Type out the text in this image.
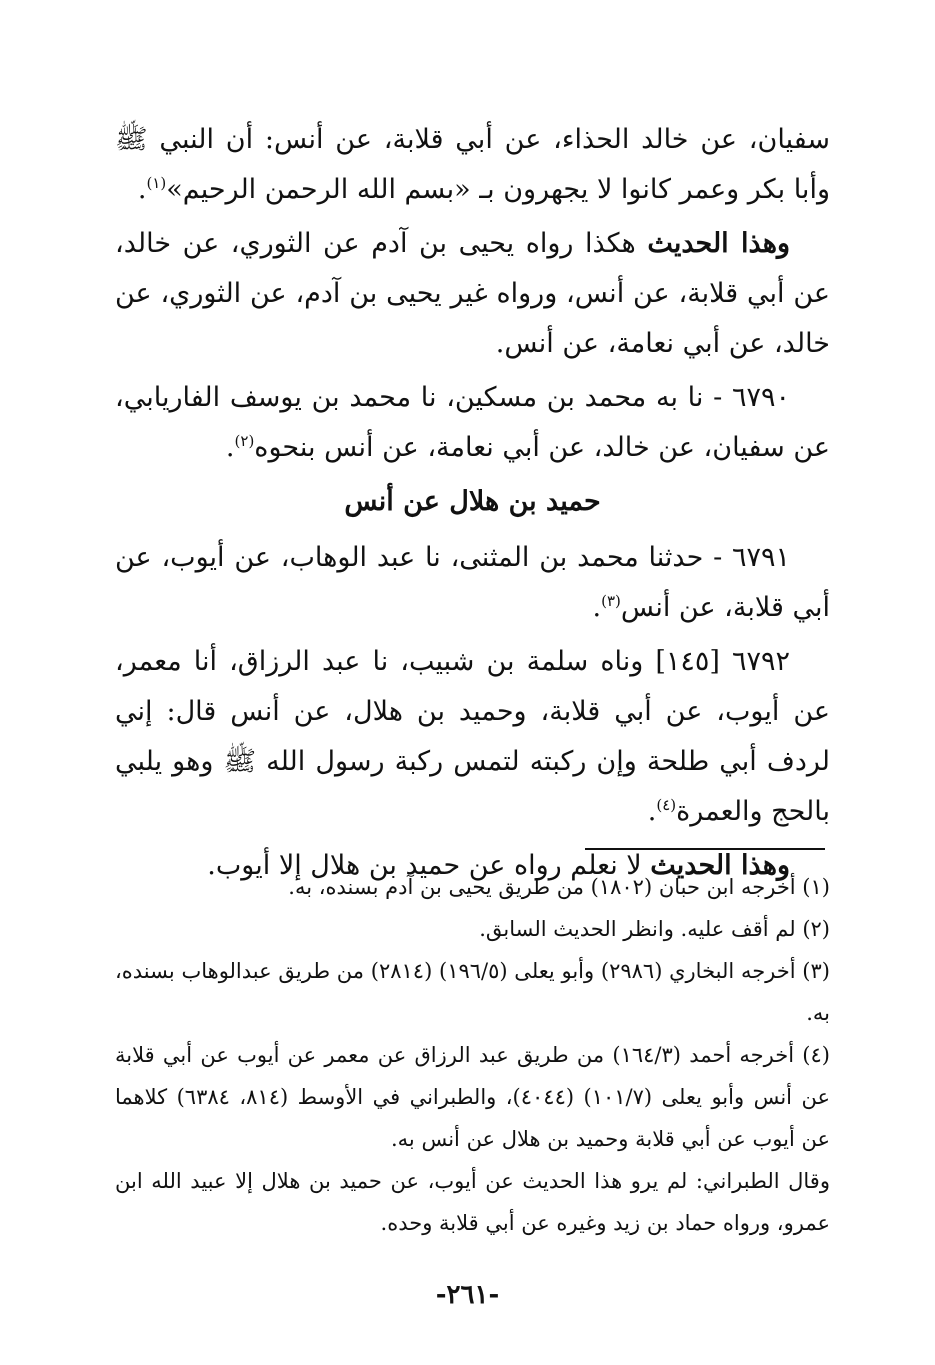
سفيان، عن خالد الحذاء، عن أبي قلابة، عن أنس: أن النبي ﷺ وأبا بكر وعمر كانوا لا يجهرون بـ «بسم الله الرحمن الرحيم»$^{(١)}$.

وهذا الحديث هكذا رواه يحيى بن آدم عن الثوري، عن خالد، عن أبي قلابة، عن أنس، ورواه غير يحيى بن آدم، عن الثوري، عن خالد، عن أبي نعامة، عن أنس.

٦٧٩٠ - نا به محمد بن مسكين، نا محمد بن يوسف الفاريابي، عن سفيان، عن خالد، عن أبي نعامة، عن أنس بنحوه$^{(٢)}$.

حميد بن هلال عن أنس

٦٧٩١ - حدثنا محمد بن المثنى، نا عبد الوهاب، عن أيوب، عن أبي قلابة، عن أنس$^{(٣)}$.

٦٧٩٢ [١٤٥] وناه سلمة بن شبيب، نا عبد الرزاق، أنا معمر، عن أيوب، عن أبي قلابة، وحميد بن هلال، عن أنس قال: إني لردف أبي طلحة وإن ركبته لتمس ركبة رسول الله ﷺ وهو يلبي بالحج والعمرة$^{(٤)}$.

وهذا الحديث لا نعلم رواه عن حميد بن هلال إلا أيوب.

(١) أخرجه ابن حبان (١٨٠٢) من طريق يحيى بن آدم بسنده، به.

(٢) لم أقف عليه. وانظر الحديث السابق.

(٣) أخرجه البخاري (٢٩٨٦) وأبو يعلى (١٩٦/٥) (٢٨١٤) من طريق عبدالوهاب بسنده، به.

(٤) أخرجه أحمد (١٦٤/٣) من طريق عبد الرزاق عن معمر عن أيوب عن أبي قلابة عن أنس وأبو يعلى (١٠١/٧) (٤٠٤٤)، والطبراني في الأوسط (٨١٤، ٦٣٨٤) كلاهما عن أيوب عن أبي قلابة وحميد بن هلال عن أنس به.

وقال الطبراني: لم يرو هذا الحديث عن أيوب، عن حميد بن هلال إلا عبيد الله ابن عمرو، ورواه حماد بن زيد وغيره عن أبي قلابة وحده.

-٢٦١-
